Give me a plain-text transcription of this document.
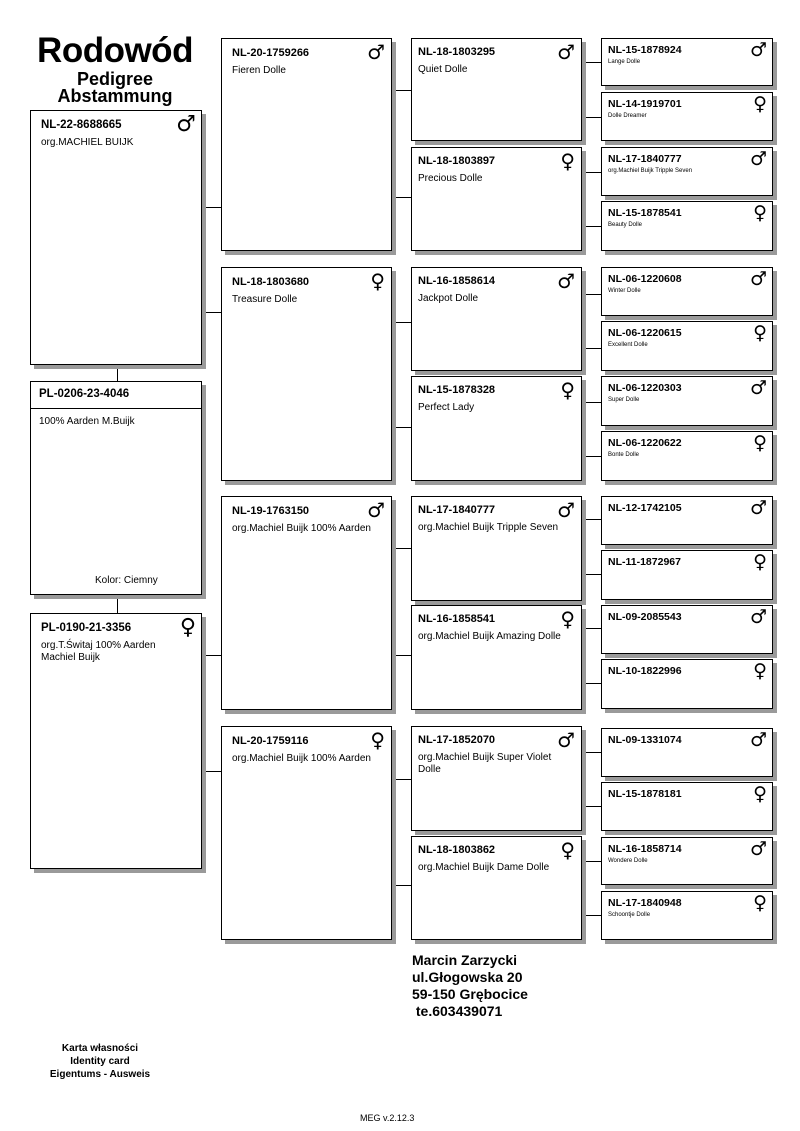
Rodowód
Pedigree
Abstammung
NL-22-8688665
org.MACHIEL BUIJK
♂
PL-0206-23-4046
100% Aarden M.Buijk
Kolor: Ciemny
PL-0190-21-3356
org.T.Świtaj 100% Aarden Machiel Buijk
♀
NL-20-1759266
Fieren Dolle
♂
NL-18-1803680
Treasure Dolle
♀
NL-19-1763150
org.Machiel Buijk 100% Aarden
♂
NL-20-1759116
org.Machiel Buijk 100% Aarden
♀
NL-18-1803295
Quiet Dolle
♂
NL-18-1803897
Precious Dolle
♀
NL-16-1858614
Jackpot Dolle
♂
NL-15-1878328
Perfect Lady
♀
NL-17-1840777
org.Machiel Buijk Tripple Seven
♂
NL-16-1858541
org.Machiel Buijk Amazing Dolle
♀
NL-17-1852070
org.Machiel Buijk Super Violet Dolle
♂
NL-18-1803862
org.Machiel Buijk Dame Dolle
♀
NL-15-1878924
Lange Dolle
♂
NL-14-1919701
Dolle Dreamer
♀
NL-17-1840777
org.Machiel Buijk Tripple Seven
♂
NL-15-1878541
Beauty Dolle
♀
NL-06-1220608
Winter Dolle
♂
NL-06-1220615
Excellent Dolle
♀
NL-06-1220303
Super Dolle
♂
NL-06-1220622
Bonte Dolle
♀
NL-12-1742105	♂
NL-11-1872967	♀
NL-09-2085543	♂
NL-10-1822996	♀
NL-09-1331074	♂
NL-15-1878181	♀
NL-16-1858714
Wondere Dolle
♂
NL-17-1840948
Schoontje Dolle
♀
Marcin Zarzycki
ul.Głogowska 20
59-150 Grębocice
te.603439071
Karta własności
Identity card
Eigentums - Ausweis
MEG v.2.12.3
